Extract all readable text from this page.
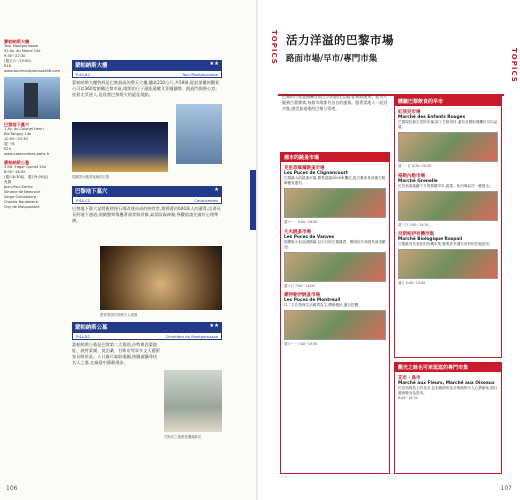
蒙帕納斯大樓
Tour Montparnasse
33 Av. du Maine 15e
9:30~22:30
(週五六~23:00)
€18
www.tourmontparnasse56.com
巴黎地下墓穴
1 Av. du Colonel Henri
Rol-Tanguy 14e
10:00~20:30
週一休
€29
www.catacombes.paris.fr
蒙帕納斯公墓
3 Bd. Edgar Quinet 14e
8:00~18:00
(週六8:30起、週日9:00起)
免費
Jean-Paul Sartre
Simone de Beauvoir
Serge Gainsbourg
Charles Baudelaire
Guy de Maupassant
蒙帕納斯大樓	★★
P.44-B2	Tour Montparnasse
蒙帕納斯大樓曾經是巴黎最高的摩天大樓,樓高210公尺,共59層,從最頂樓的觀景台可以360度俯瞰巴黎市區,晴朗的日子還能遠眺艾菲爾鐵塔、凱旋門與聖心堂。夜景尤其迷人,是欣賞巴黎燈火的絕佳地點。
從觀景台眺望夜晚的巴黎
巴黎地下墓穴	★
P.44-C2	Catacombes
巴黎地下墓穴是將舊時採石場改建而成的納骨堂,埋葬著約600萬人的遺骨,沿著長長的地下通道,兩側整齊堆疊著頭骨與骨骸,氣氛陰森神秘,參觀前請先做好心理準備。
整齊堆放的骨骸令人震撼
蒙帕納斯公墓	★★
P.44-B2	Cimetière du Montparnasse
蒙帕納斯公墓是巴黎第二大墓園,沙特與西蒙波娃、波特萊爾、莫泊桑、甘斯布等眾多文人藝術家長眠於此。入口處可索取地圖,按圖索驥尋找名人之墓,在綠蔭中靜靜漫步。
甘斯布之墓總是擺滿鮮花
106
TOPICS 活力洋溢的巴黎市場
路面市場/早市/專門市集
巴黎的市集是體驗在地生活的最佳去處,從新鮮蔬果、起司火腿到古董雜貨,每個市場都有各自的風情。跟著當地人一起逛市集,感受最道地的巴黎日常吧。
週末的跳蚤市場
克里昂庫爾跳蚤市場
Les Puces de Clignancourt
巴黎最大的跳蚤市場,聚集超過2000家攤位,從古董家具到復古服飾應有盡有。
週六~一 9:00~18:00
凡夫跳蚤市場
Les Puces de Vanves
規模較小但品項精緻,以小巧的古董雜貨、舊明信片與餐具最受歡迎。
週六日 7:00~14:00
蒙特勒伊跳蚤市場
Les Puces de Montreuil
以二手衣物與生活雜貨為主,價格親民,適合挖寶。
週六~一 7:00~19:30
體驗巴黎飲食的早市
紅孩兒市場
Marché des Enfants Rouges
巴黎現存最古老的市場,除了生鮮食材,還有各國料理攤位可以品嚐。
週二~日 8:30~20:30
格勒內勒市場
Marché Grenelle
位於高架地鐵下方的熱鬧早市,蔬果、魚肉與起司一應俱全。
週三日 7:00~14:30
拉斯帕伊有機市集
Marché Biologique Raspail
巴黎最具代表性的有機市集,聚集許多講究食材的在地居民。
週日 9:00~15:00
觀光之餘也可來逛逛的專門市集
花市・鳥市
Marché aux Fleurs, Marché aux Oiseaux
位於西堤島上的花市,色彩繽紛的花卉與植物令人心情愉悅,週日還會變身為鳥市。
8:00~19:30
TOPICS
107
